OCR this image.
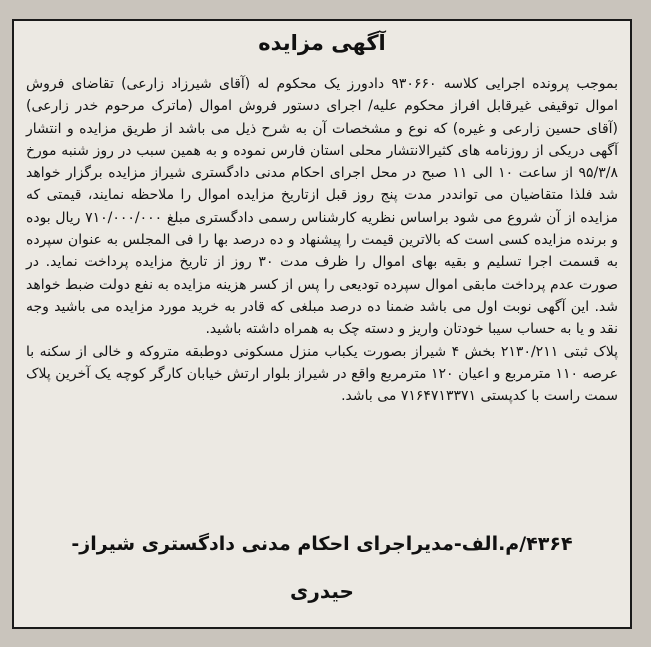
آگهی مزایده

بموجب پرونده اجرایی کلاسه ۹۳۰۶۶۰ دادورز یک محکوم له (آقای شیرزاد زارعی) تقاضای فروش اموال توقیفی غیرقابل افراز محکوم علیه/ اجرای دستور فروش اموال (ماترک مرحوم خدر زارعی) (آقای حسین زارعی و غیره) که نوع و مشخصات آن به شرح ذیل می باشد از طریق مزایده و انتشار آگهی دریکی از روزنامه های کثیرالانتشار محلی استان فارس نموده و به همین سبب در روز شنبه مورخ ۹۵/۳/۸ از ساعت ۱۰ الی ۱۱ صبح در محل اجرای احکام مدنی دادگستری شیراز مزایده برگزار خواهد شد فلذا متقاضیان می توانددر مدت پنج روز قبل ازتاریخ مزایده اموال را ملاحظه نمایند، قیمتی که مزایده از آن شروع می شود براساس نظریه کارشناس رسمی دادگستری مبلغ ۷۱۰/۰۰۰/۰۰۰ ریال بوده و برنده مزایده کسی است که بالاترین قیمت را پیشنهاد و ده درصد بها را فی المجلس به عنوان سپرده به قسمت اجرا تسلیم و بقیه بهای اموال را ظرف مدت ۳۰ روز از تاریخ مزایده پرداخت نماید. در صورت عدم پرداخت مابقی اموال سپرده تودیعی را پس از کسر هزینه مزایده به نفع دولت ضبط خواهد شد. این آگهی نوبت اول می باشد ضمنا ده درصد مبلغی که قادر به خرید مورد مزایده می باشید وجه نقد و یا به حساب سیبا خودتان واریز و دسته چک به همراه داشته باشید.

پلاک ثبتی ۲۱۳۰/۲۱۱ بخش ۴ شیراز بصورت یکباب منزل مسکونی دوطبقه متروکه و خالی از سکنه با عرصه ۱۱۰ مترمربع و اعیان ۱۲۰ مترمربع واقع در شیراز بلوار ارتش خیابان کارگر کوچه یک آخرین پلاک سمت راست با کدپستی ۷۱۶۴۷۱۳۳۷۱ می باشد.

۴۳۶۴/م.الف-مدیراجرای احکام مدنی دادگستری شیراز-
حیدری
